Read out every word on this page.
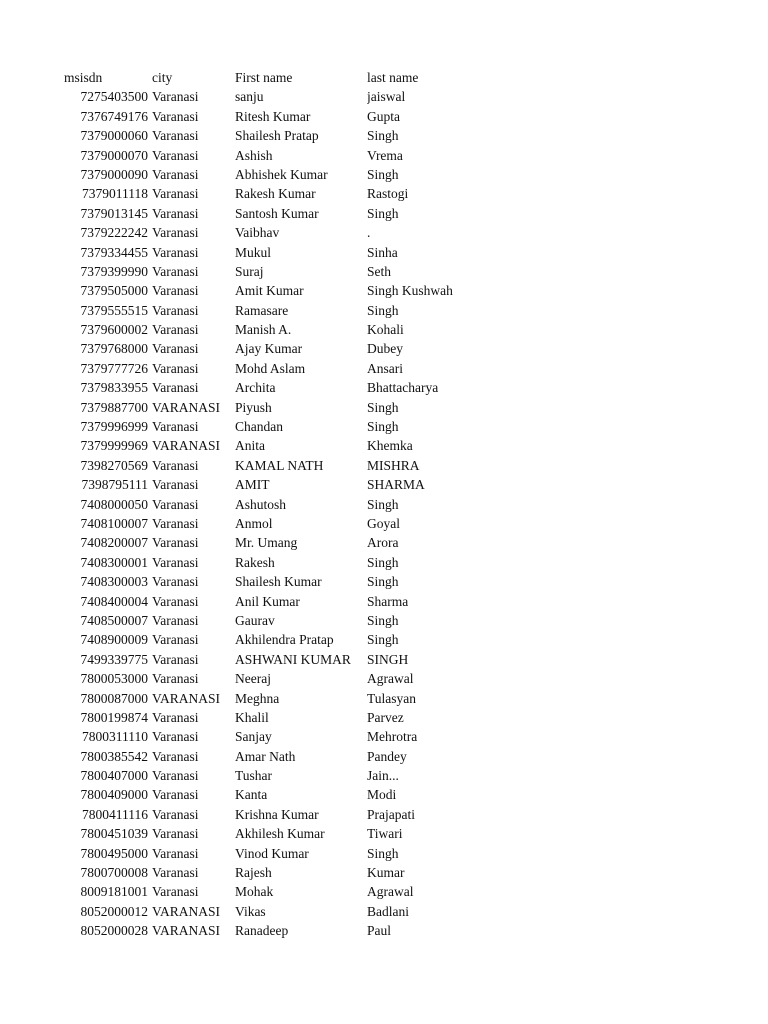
msisdn	city	First name	last name
7275403500 Varanasi	sanju	jaiswal
7376749176 Varanasi	Ritesh Kumar	Gupta
7379000060 Varanasi	Shailesh Pratap	Singh
7379000070 Varanasi	Ashish	Vrema
7379000090 Varanasi	Abhishek Kumar	Singh
7379011118 Varanasi	Rakesh Kumar	Rastogi
7379013145 Varanasi	Santosh Kumar	Singh
7379222242 Varanasi	Vaibhav	.
7379334455 Varanasi	Mukul	Sinha
7379399990 Varanasi	Suraj	Seth
7379505000 Varanasi	Amit Kumar	Singh Kushwah
7379555515 Varanasi	Ramasare	Singh
7379600002 Varanasi	Manish A.	Kohali
7379768000 Varanasi	Ajay Kumar	Dubey
7379777726 Varanasi	Mohd Aslam	Ansari
7379833955 Varanasi	Archita	Bhattacharya
7379887700 VARANASI	Piyush	Singh
7379996999 Varanasi	Chandan	Singh
7379999969 VARANASI	Anita	Khemka
7398270569 Varanasi	KAMAL NATH	MISHRA
7398795111 Varanasi	AMIT	SHARMA
7408000050 Varanasi	Ashutosh	Singh
7408100007 Varanasi	Anmol	Goyal
7408200007 Varanasi	Mr. Umang	Arora
7408300001 Varanasi	Rakesh	Singh
7408300003 Varanasi	Shailesh Kumar	Singh
7408400004 Varanasi	Anil Kumar	Sharma
7408500007 Varanasi	Gaurav	Singh
7408900009 Varanasi	Akhilendra Pratap	Singh
7499339775 Varanasi	ASHWANI KUMAR	SINGH
7800053000 Varanasi	Neeraj	Agrawal
7800087000 VARANASI	Meghna	Tulasyan
7800199874 Varanasi	Khalil	Parvez
7800311110 Varanasi	Sanjay	Mehrotra
7800385542 Varanasi	Amar Nath	Pandey
7800407000 Varanasi	Tushar	Jain...
7800409000 Varanasi	Kanta	Modi
7800411116 Varanasi	Krishna Kumar	Prajapati
7800451039 Varanasi	Akhilesh Kumar	Tiwari
7800495000 Varanasi	Vinod Kumar	Singh
7800700008 Varanasi	Rajesh	Kumar
8009181001 Varanasi	Mohak	Agrawal
8052000012 VARANASI	Vikas	Badlani
8052000028 VARANASI	Ranadeep	Paul
